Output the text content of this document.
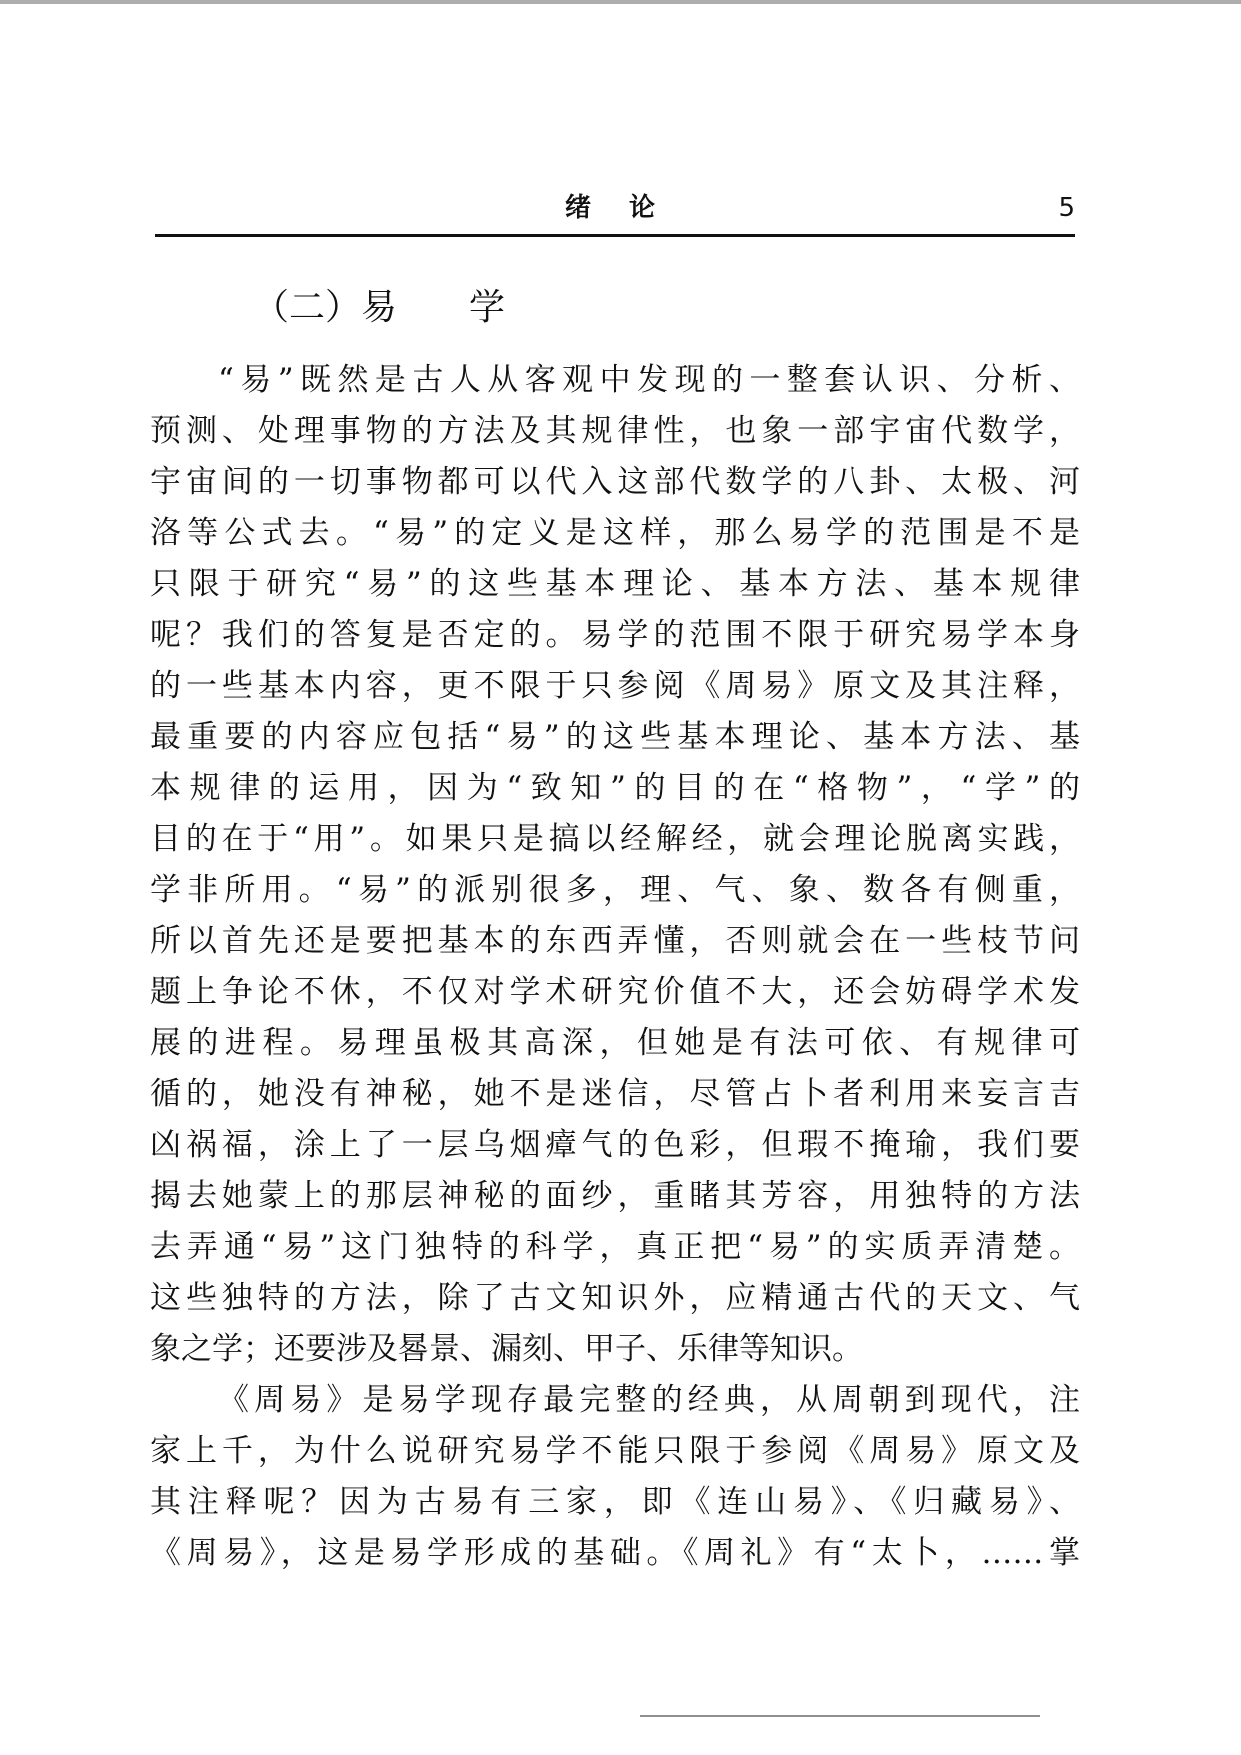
绪论	5
（二）易　　学
“易”既然是古人从客观中发现的一整套认识、分析、
预测、处理事物的方法及其规律性，也象一部宇宙代数学，
宇宙间的一切事物都可以代入这部代数学的八卦、太极、河
洛等公式去。“易”的定义是这样，那么易学的范围是不是
只限于研究“易”的这些基本理论、基本方法、基本规律
呢？我们的答复是否定的。易学的范围不限于研究易学本身
的一些基本内容，更不限于只参阅《周易》原文及其注释，
最重要的内容应包括“易”的这些基本理论、基本方法、基
本规律的运用，因为“致知”的目的在“格物”，“学”的
目的在于“用”。如果只是搞以经解经，就会理论脱离实践，
学非所用。“易”的派别很多，理、气、象、数各有侧重，
所以首先还是要把基本的东西弄懂，否则就会在一些枝节问
题上争论不休，不仅对学术研究价值不大，还会妨碍学术发
展的进程。易理虽极其高深，但她是有法可依、有规律可
循的，她没有神秘，她不是迷信，尽管占卜者利用来妄言吉
凶祸福，涂上了一层乌烟瘴气的色彩，但瑕不掩瑜，我们要
揭去她蒙上的那层神秘的面纱，重睹其芳容，用独特的方法
去弄通“易”这门独特的科学，真正把“易”的实质弄清楚。
这些独特的方法，除了古文知识外，应精通古代的天文、气
象之学；还要涉及晷景、漏刻、甲子、乐律等知识。
《周易》是易学现存最完整的经典，从周朝到现代，注
家上千，为什么说研究易学不能只限于参阅《周易》原文及
其注释呢？因为古易有三家，即《连山易》、《归藏易》、
《周易》，这是易学形成的基础。《周礼》有“太卜，……掌
